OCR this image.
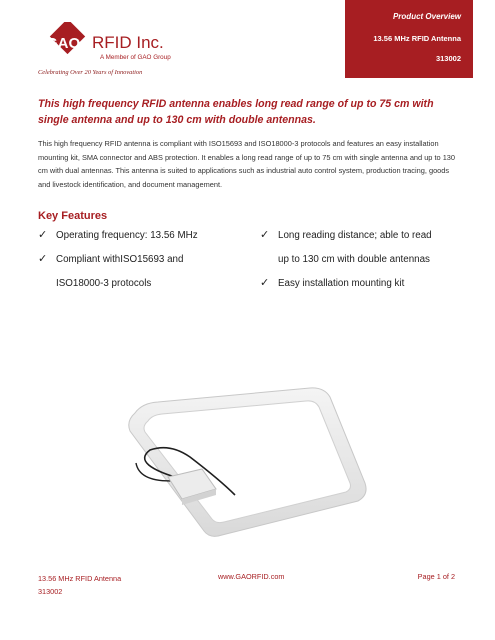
GAO RFID Inc.
A Member of GAO Group
Celebrating Over 20 Years of Innovation
Product Overview
13.56 MHz RFID Antenna
313002
This high frequency RFID antenna enables long read range of up to 75 cm with single antenna and up to 130 cm with double antennas.
This high frequency RFID antenna is compliant with ISO15693 and ISO18000-3 protocols and features an easy installation mounting kit, SMA connector and ABS protection. It enables a long read range of up to 75 cm with single antenna and up to 130 cm with dual antennas. This antenna is suited to applications such as industrial auto control system, production tracing, goods and livestock identification, and document management.
Key Features
✓ Operating frequency: 13.56 MHz
✓ Compliant withISO15693 and
ISO18000-3 protocols
✓ Long reading distance; able to read
up to 130 cm with double antennas
✓ Easy installation mounting kit
13.56 MHz RFID Antenna
313002
www.GAORFID.com	Page 1 of 2
